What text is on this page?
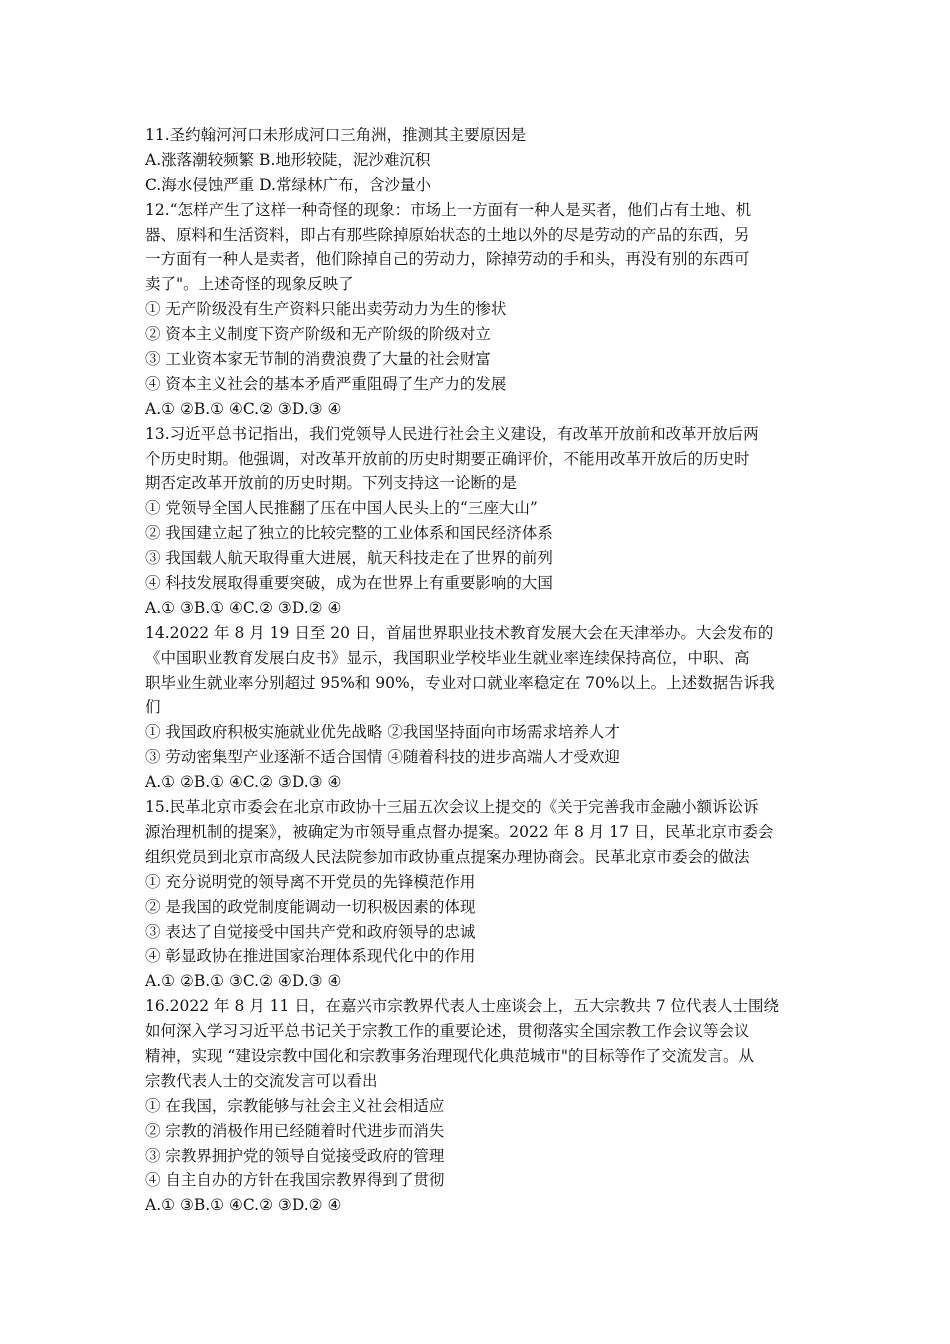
11.圣约翰河河口未形成河口三角洲，推测其主要原因是
A.涨落潮较频繁 B.地形较陡，泥沙难沉积
C.海水侵蚀严重 D.常绿林广布，含沙量小
12.“怎样产生了这样一种奇怪的现象：市场上一方面有一种人是买者，他们占有土地、机
器、原料和生活资料，即占有那些除掉原始状态的土地以外的尽是劳动的产品的东西，另
一方面有一种人是卖者，他们除掉自己的劳动力，除掉劳动的手和头，再没有别的东西可
卖了"。上述奇怪的现象反映了
① 无产阶级没有生产资料只能出卖劳动力为生的惨状
② 资本主义制度下资产阶级和无产阶级的阶级对立
③ 工业资本家无节制的消费浪费了大量的社会财富
④ 资本主义社会的基本矛盾严重阻碍了生产力的发展
A.① ②B.① ④C.② ③D.③ ④
13.习近平总书记指出，我们党领导人民进行社会主义建设，有改革开放前和改革开放后两
个历史时期。他强调，对改革开放前的历史时期要正确评价，不能用改革开放后的历史时
期否定改革开放前的历史时期。下列支持这一论断的是
① 党领导全国人民推翻了压在中国人民头上的“三座大山”
② 我国建立起了独立的比较完整的工业体系和国民经济体系
③ 我国载人航天取得重大进展，航天科技走在了世界的前列
④ 科技发展取得重要突破，成为在世界上有重要影响的大国
A.① ③B.① ④C.② ③D.② ④
14.2022 年 8 月 19 日至 20 日，首届世界职业技术教育发展大会在天津举办。大会发布的
《中国职业教育发展白皮书》显示，我国职业学校毕业生就业率连续保持高位，中职、高
职毕业生就业率分别超过 95%和 90%，专业对口就业率稳定在 70%以上。上述数据告诉我
们
① 我国政府积极实施就业优先战略 ②我国坚持面向市场需求培养人才
③ 劳动密集型产业逐渐不适合国情 ④随着科技的进步高端人才受欢迎
A.① ②B.① ④C.② ③D.③ ④
15.民革北京市委会在北京市政协十三届五次会议上提交的《关于完善我市金融小额诉讼诉
源治理机制的提案》，被确定为市领导重点督办提案。2022 年 8 月 17 日，民革北京市委会
组织党员到北京市高级人民法院参加市政协重点提案办理协商会。民革北京市委会的做法
① 充分说明党的领导离不开党员的先锋模范作用
② 是我国的政党制度能调动一切积极因素的体现
③ 表达了自觉接受中国共产党和政府领导的忠诚
④ 彰显政协在推进国家治理体系现代化中的作用
A.① ②B.① ③C.② ④D.③ ④
16.2022 年 8 月 11 日，在嘉兴市宗教界代表人士座谈会上，五大宗教共 7 位代表人士围绕
如何深入学习习近平总书记关于宗教工作的重要论述，贯彻落实全国宗教工作会议等会议
精神，实现 “建设宗教中国化和宗教事务治理现代化典范城市"的目标等作了交流发言。从
宗教代表人士的交流发言可以看出
① 在我国，宗教能够与社会主义社会相适应
② 宗教的消极作用已经随着时代进步而消失
③ 宗教界拥护党的领导自觉接受政府的管理
④ 自主自办的方针在我国宗教界得到了贯彻
A.① ③B.① ④C.② ③D.② ④
